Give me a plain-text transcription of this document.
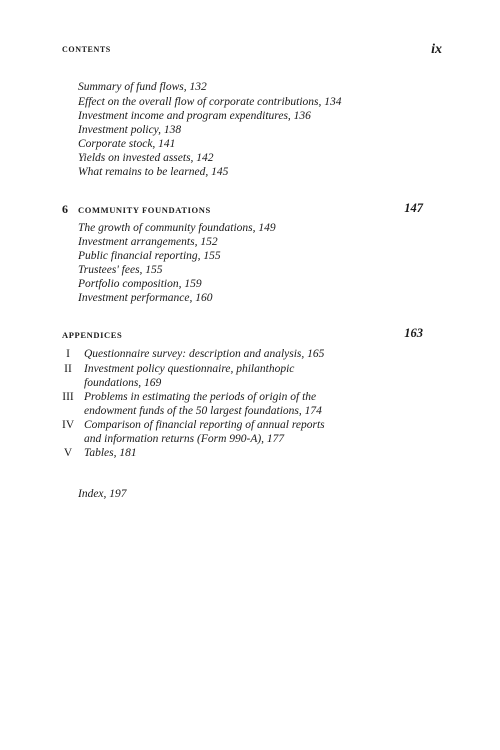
CONTENTS	ix
Summary of fund flows, 132
Effect on the overall flow of corporate contributions, 134
Investment income and program expenditures, 136
Investment policy, 138
Corporate stock, 141
Yields on invested assets, 142
What remains to be learned, 145
6 COMMUNITY FOUNDATIONS	147
The growth of community foundations, 149
Investment arrangements, 152
Public financial reporting, 155
Trustees' fees, 155
Portfolio composition, 159
Investment performance, 160
APPENDICES	163
I	Questionnaire survey: description and analysis, 165
II Investment policy questionnaire, philanthopic
foundations, 169
III Problems in estimating the periods of origin of the
endowment funds of the 50 largest foundations, 174
IV Comparison of financial reporting of annual reports
and information returns (Form 990-A), 177
V Tables, 181
Index, 197
